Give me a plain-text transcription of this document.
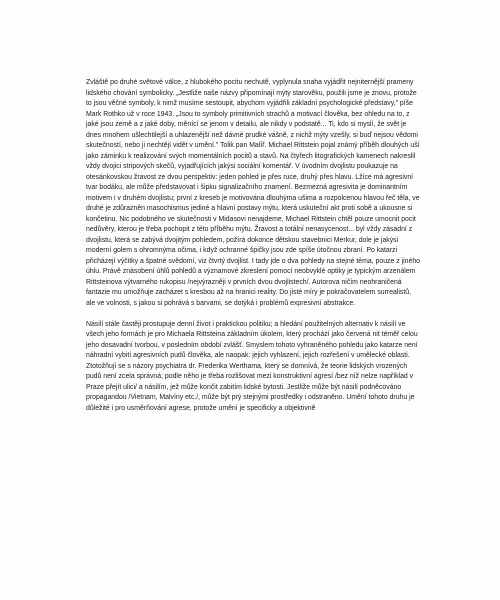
Zvláště po druhé světové válce, z hlubokého pocitu nechutě, vyplynula snaha vyjádřit nejniternější prameny lidského chování symbolicky. „Jestliže naše názvy připomínají mýty starověku, použili jsme je znovu, protože to jsou věčné symboly, k nimž musíme sestoupit, abychom vyjádřili základní psychologické představy," píše Mark Rothko už v roce 1943. „Jsou to symboly primitivních strachů a motivací člověka, bez ohledu na to, z jaké jsou země a z jaké doby, měnící se jenom v detailu, ale nikdy v podstatě... Ti, kdo si myslí, že svět je dnes mnohem ušlechtilejší a uhlazenější než dávné prudké vášně, z nichž mýty vzešly, si buď nejsou vědomi skutečností, nebo ji nechtějí vidět v umění." Tolik pan Malíř. Michael Rittstein pojal známý příběh dlouhých uší jako záminku k realizování svých momentálních pocitů a stavů. Na čtyřech litografických kamenech nakreslil vždy dvojici stripových skečů, vyjadřujících jakýsi sociální komentář. V úvodním dvojlistu poukazuje na otesánkovskou žravost ze dvou perspektiv: jeden pohled je přes ruce, druhý přes hlavu. Lžíce má agresivní tvar bodáku, ale může představovat i šipku signalizačního znamení. Bezmezná agresivita je dominantním motivem i v druhém dvojlistu; první z kreseb je motivována dlouhýma ušima a rozpolcenou hlavou řeč těla, ve druhé je zdůrazněn masochismus jediné a hlavní postavy mýtu, která uskuteční akt proti sobě a ukousne si končetinu. Nic podobného ve skutečnosti v Midasovi nenajdeme, Michael Rittstein chtěl pouze umocnit pocit nedůvěry, kterou je třeba pochopit z této příběhu mýtu. Žravost a totální nenasycenost... byl vždy zásadní z dvojlistu, která se zabývá dvojitým pohledem, požírá dokonce dětskou stavebnici Merkur, dole je jakýsi moderní golem s ohromnýma očima, i když ochranné špičky jsou zde spíše útočnou zbraní. Po katarzi přicházejí výčitky a špatné svědomí, viz čtvrtý dvojlist. I tady jde o dva pohledy na stejné téma, pouze z jiného úhlu. Právě znásobení úhlů pohledů a významové zkreslení pomocí neobvyklé optiky je typickým arzenálem Rittsteinova výtvarného rukopisu /nejvýrazněji v prvních dvou dvojlistech/. Autorova ničím neohraničená fantazie mu umožňuje zacházet s kresbou až na hranici reality. Do jisté míry je pokračovatelem surrealistů, ale ve volnosti, s jakou si pohrává s barvami, se dotýká i problémů expresivní abstrakce.

Násilí stále častěji prostupuje denní život i praktickou politiku; a hledání použitelných alternativ k násilí ve všech jeho formách je pro Michaela Rittsteina základním úkolem, který prochází jako červená nit téměř celou jeho dosavadní tvorbou, v posledním období zvlášť. Smyslem tohoto vyhraněného pohledu jako katarze není náhradní vybití agresivních pudů člověka, ale naopak: jejich vyhlazení, jejich rozřešení v umělecké oblasti. Ztotožňují se s názory psychiatra dr. Frederika Werthama, který se domnívá, že teorie lidských vrozených pudů není zcela správná; podle něho je třeba rozlišovat mezi konstruktivní agresí /bez níž nelze například v Praze přejít ulici/ a násilím, jež může končit zabitím lidské bytosti. Jestliže může být násilí podněcováno propagandou /Vietnam, Malvíny etc./, může být prý stejnými prostředky i odstraněno. Umění tohoto druhu je důležité i pro usměrňování agrese, protože umění je specificky a objektivně
